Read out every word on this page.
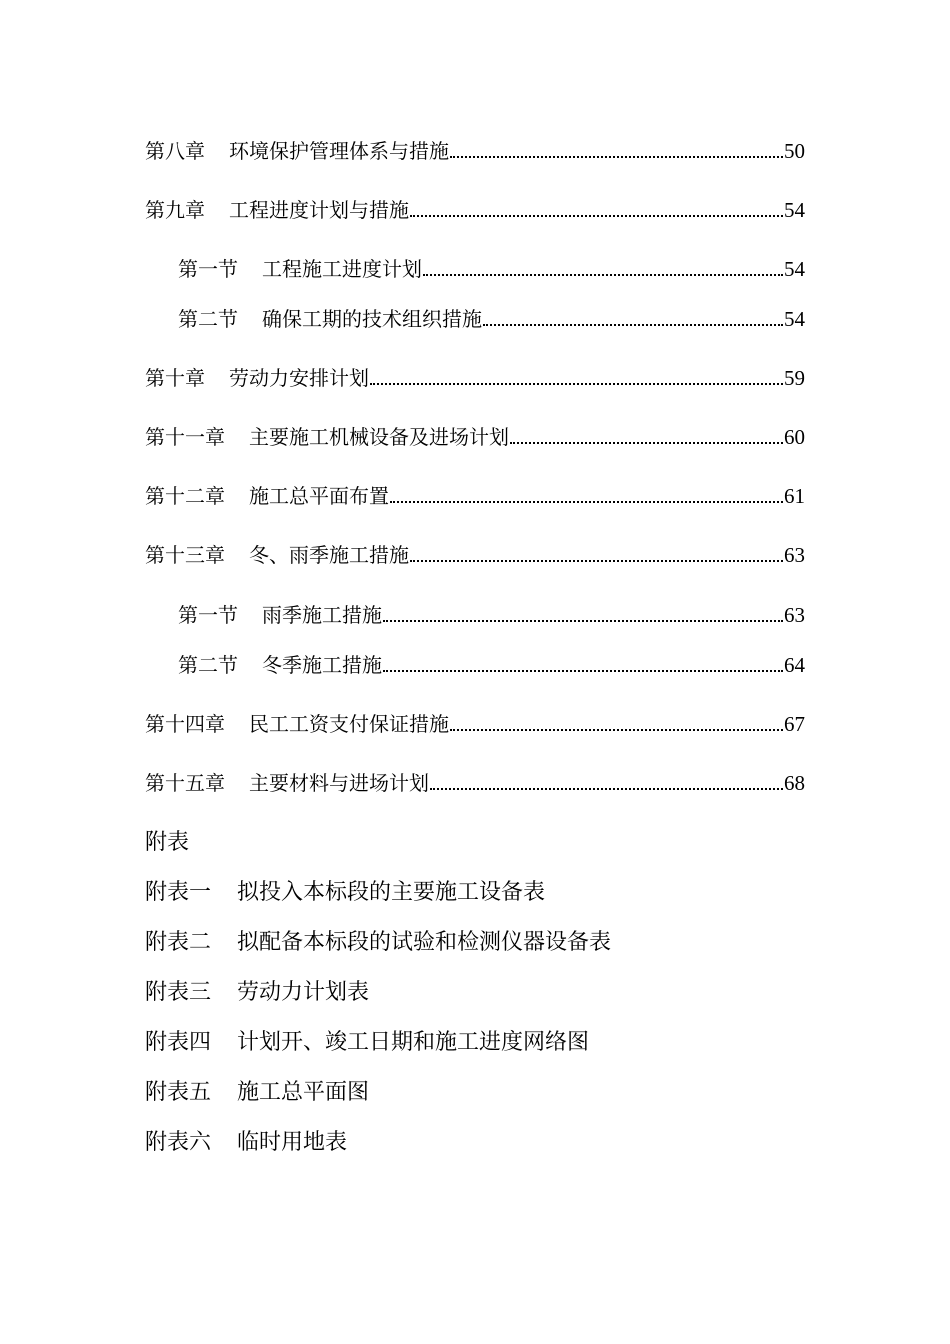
第八章 环境保护管理体系与措施	50
第九章 工程进度计划与措施	54
第一节 工程施工进度计划	54
第二节 确保工期的技术组织措施	54
第十章 劳动力安排计划	59
第十一章 主要施工机械设备及进场计划	60
第十二章 施工总平面布置	61
第十三章 冬、雨季施工措施	63
第一节 雨季施工措施	63
第二节 冬季施工措施	64
第十四章 民工工资支付保证措施	67
第十五章 主要材料与进场计划	68
附表
附表一 拟投入本标段的主要施工设备表
附表二 拟配备本标段的试验和检测仪器设备表
附表三 劳动力计划表
附表四 计划开、竣工日期和施工进度网络图
附表五 施工总平面图
附表六 临时用地表
